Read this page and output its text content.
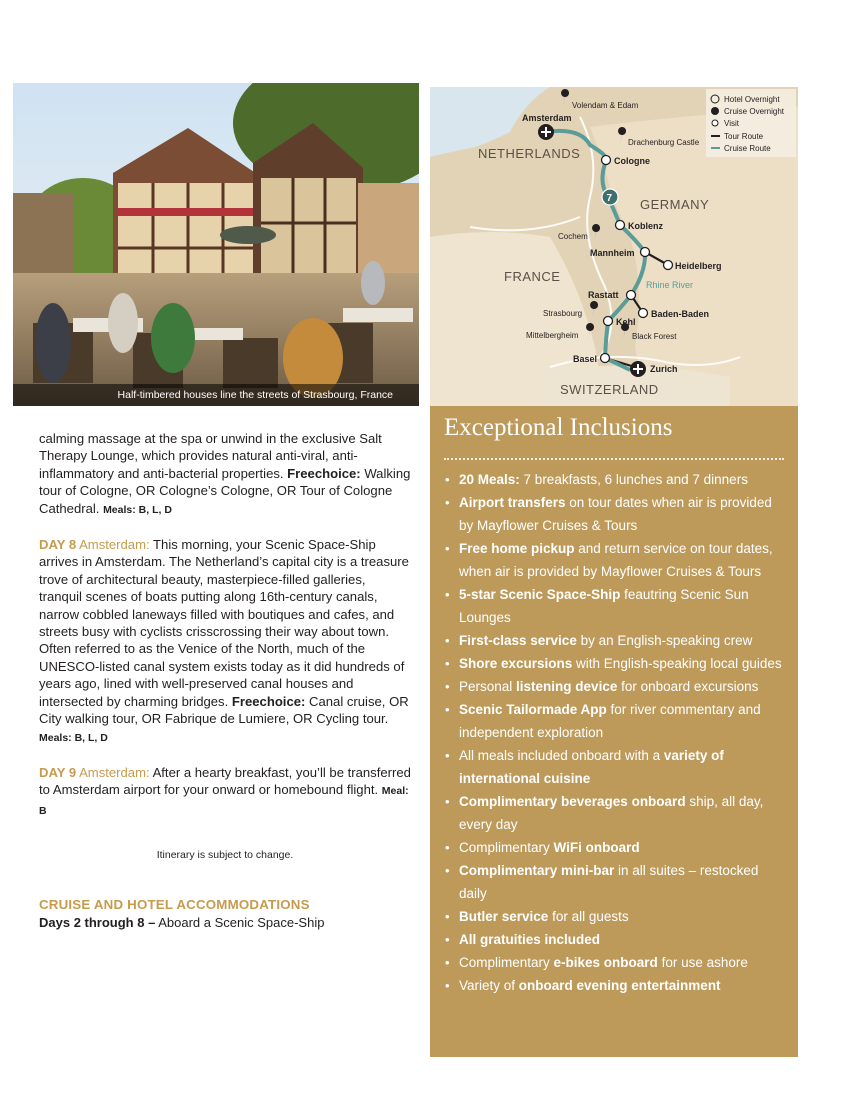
Half-timbered houses line the streets of Strasbourg, France
Hotel Overnight
Cruise Overnight
Visit
Tour Route
Cruise Route
NETHERLANDS
GERMANY
FRANCE
SWITZERLAND
Rhine River
7
Amsterdam
Cologne
Koblenz
Mannheim
Heidelberg
Rastatt
Baden-Baden
Kehl
Basel
Zurich
Volendam & Edam
Drachenburg Castle
Cochem
Strasbourg
Mittelbergheim	Black Forest

calming massage at the spa or unwind in the exclusive Salt Therapy Lounge, which provides natural anti-viral, anti-inflammatory and anti-bacterial properties. Freechoice: Walking tour of Cologne, OR Cologne’s Cologne, OR Tour of Cologne Cathedral. Meals: B, L, D

DAY 8 Amsterdam: This morning, your Scenic Space-Ship arrives in Amsterdam. The Netherland’s capital city is a treasure trove of architectural beauty, masterpiece-filled galleries, tranquil scenes of boats putting along 16th-century canals, narrow cobbled laneways filled with boutiques and cafes, and streets busy with cyclists crisscrossing their way about town. Often referred to as the Venice of the North, much of the UNESCO-listed canal system exists today as it did hundreds of years ago, lined with well-preserved canal houses and intersected by charming bridges. Freechoice: Canal cruise, OR City walking tour, OR Fabrique de Lumiere, OR Cycling tour. Meals: B, L, D

DAY 9 Amsterdam: After a hearty breakfast, you’ll be transferred to Amsterdam airport for your onward or homebound flight. Meal: B

Itinerary is subject to change.
CRUISE AND HOTEL ACCOMMODATIONS
Days 2 through 8 – Aboard a Scenic Space-Ship
Exceptional Inclusions
• 20 Meals: 7 breakfasts, 6 lunches and 7 dinners
• Airport transfers on tour dates when air is provided by Mayflower Cruises & Tours
• Free home pickup and return service on tour dates, when air is provided by Mayflower Cruises & Tours
• 5-star Scenic Space-Ship feautring Scenic Sun Lounges
• First-class service by an English-speaking crew
• Shore excursions with English-speaking local guides
• Personal listening device for onboard excursions
• Scenic Tailormade App for river commentary and independent exploration
• All meals included onboard with a variety of international cuisine
• Complimentary beverages onboard ship, all day, every day
• Complimentary WiFi onboard
• Complimentary mini-bar in all suites – restocked daily
• Butler service for all guests
• All gratuities included
• Complimentary e-bikes onboard for use ashore
• Variety of onboard evening entertainment
